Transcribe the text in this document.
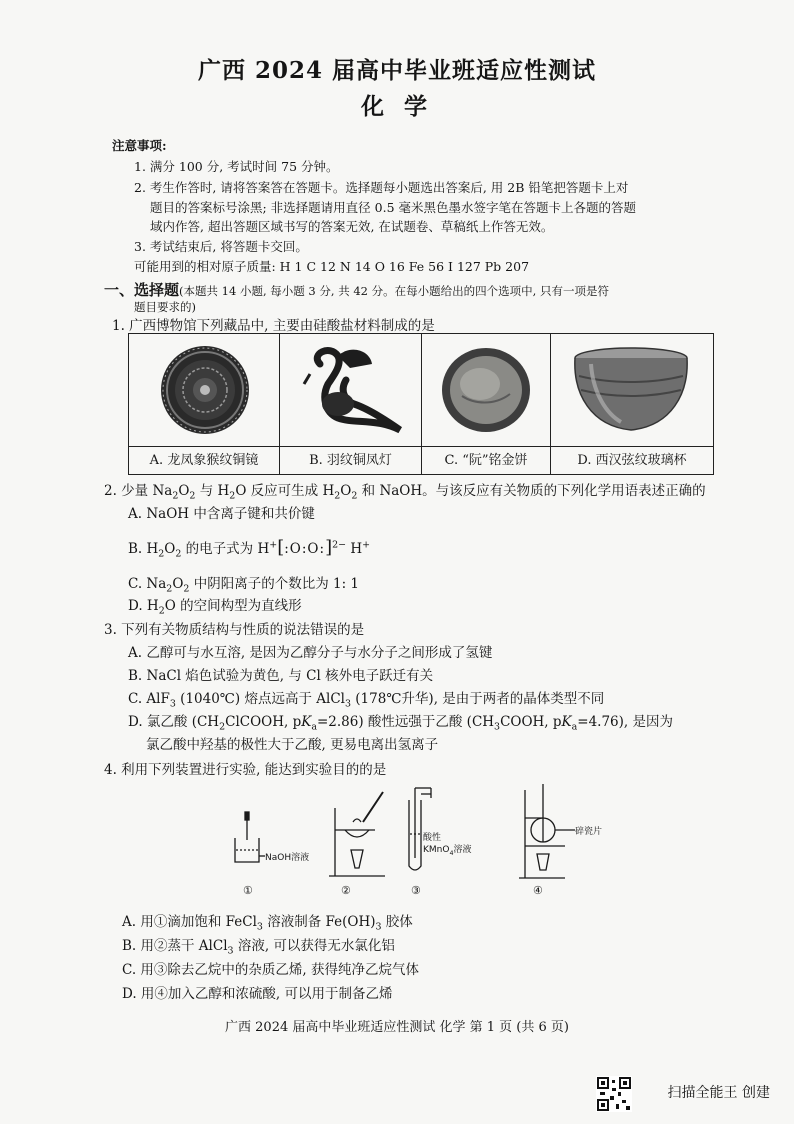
广西 2024 届高中毕业班适应性测试
化 学
注意事项:
1. 满分 100 分, 考试时间 75 分钟。
2. 考生作答时, 请将答案答在答题卡。选择题每小题选出答案后, 用 2B 铅笔把答题卡上对
题目的答案标号涂黑; 非选择题请用直径 0.5 毫米黑色墨水签字笔在答题卡上各题的答题
域内作答, 超出答题区域书写的答案无效, 在试题卷、草稿纸上作答无效。
3. 考试结束后, 将答题卡交回。
可能用到的相对原子质量: H 1 C 12 N 14 O 16 Fe 56 I 127 Pb 207
一、选择题(本题共 14 小题, 每小题 3 分, 共 42 分。在每小题给出的四个选项中, 只有一项是符
题目要求的)
1. 广西博物馆下列藏品中, 主要由硅酸盐材料制成的是
A. 龙凤象猴纹铜镜	B. 羽纹铜凤灯	C. “阮”铭金饼	D. 西汉弦纹玻璃杯
2. 少量 $Na_2O_2$ 与 $H_2O$ 反应可生成 $H_2O_2$ 和 NaOH。与该反应有关物质的下列化学用语表述正确的
A. NaOH 中含离子键和共价键
B. $H_2O_2$ 的电子式为 H+[:O:O:]$^{2-}$ H+
C. $Na_2O_2$ 中阴阳离子的个数比为 1: 1
D. $H_2O$ 的空间构型为直线形
3. 下列有关物质结构与性质的说法错误的是
A. 乙醇可与水互溶, 是因为乙醇分子与水分子之间形成了氢键
B. NaCl 焰色试验为黄色, 与 Cl 核外电子跃迁有关
C. AlF$_3$ (1040℃) 熔点远高于 AlCl$_3$ (178℃升华), 是由于两者的晶体类型不同
D. 氯乙酸 ($CH_2ClCOOH$, $pK_a=2.86$) 酸性远强于乙酸 ($CH_3COOH$, $pK_a=4.76$), 是因为
氯乙酸中羟基的极性大于乙酸, 更易电离出氢离子
4. 利用下列装置进行实验, 能达到实验目的的是
NaOH溶液
酸性
KMnO$_4$溶液
碎瓷片
①	②	③	④
A. 用①滴加饱和 FeCl$_3$ 溶液制备 $Fe(OH)_3$ 胶体
B. 用②蒸干 AlCl$_3$ 溶液, 可以获得无水氯化铝
C. 用③除去乙烷中的杂质乙烯, 获得纯净乙烷气体
D. 用④加入乙醇和浓硫酸, 可以用于制备乙烯
广西 2024 届高中毕业班适应性测试 化学 第 1 页 (共 6 页)
扫描全能王 创建
